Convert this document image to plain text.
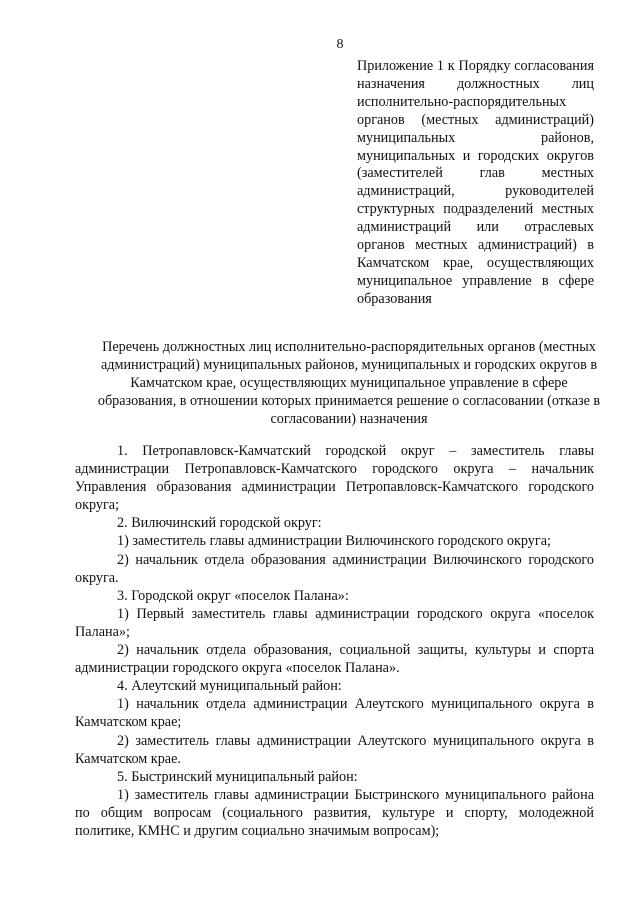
8
Приложение 1 к Порядку согласования назначения должностных лиц исполнительно-распорядительных органов (местных администраций) муниципальных районов, муниципальных и городских округов (заместителей глав местных администраций, руководителей структурных подразделений местных администраций или отраслевых органов местных администраций) в Камчатском крае, осуществляющих муниципальное управление в сфере образования
Перечень должностных лиц исполнительно-распорядительных органов (местных администраций) муниципальных районов, муниципальных и городских округов в Камчатском крае, осуществляющих муниципальное управление в сфере образования, в отношении которых принимается решение о согласовании (отказе в согласовании) назначения

1. Петропавловск-Камчатский городской округ – заместитель главы администрации Петропавловск-Камчатского городского округа – начальник Управления образования администрации Петропавловск-Камчатского городского округа;

2. Вилючинский городской округ:

1) заместитель главы администрации Вилючинского городского округа;

2) начальник отдела образования администрации Вилючинского городского округа.

3. Городской округ «поселок Палана»:

1) Первый заместитель главы администрации городского округа «поселок Палана»;

2) начальник отдела образования, социальной защиты, культуры и спорта администрации городского округа «поселок Палана».

4. Алеутский муниципальный район:

1) начальник отдела администрации Алеутского муниципального округа в Камчатском крае;

2) заместитель главы администрации Алеутского муниципального округа в Камчатском крае.

5. Быстринский муниципальный район:

1) заместитель главы администрации Быстринского муниципального района по общим вопросам (социального развития, культуре и спорту, молодежной политике, КМНС и другим социально значимым вопросам);
